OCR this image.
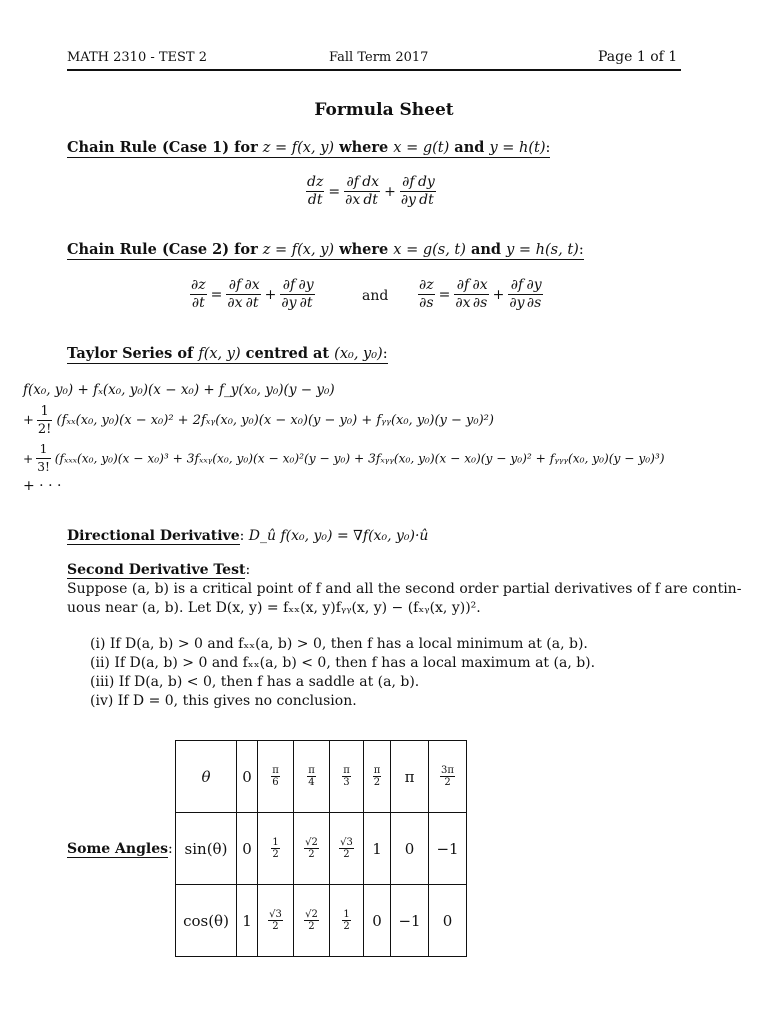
MATH 2310 - TEST 2	Fall Term 2017	Page 1 of 1
Formula Sheet
Chain Rule (Case 1) for z = f(x, y) where x = g(t) and y = h(t):
$\frac{dz}{dt} = \frac{\partial f}{\partial x} \frac{dx}{dt} + \frac{\partial f}{\partial y} \frac{dy}{dt}$
Chain Rule (Case 2) for z = f(x, y) where x = g(s, t) and y = h(s, t):
$\frac{\partial z}{\partial t} = \frac{\partial f}{\partial x} \frac{\partial x}{\partial t} + \frac{\partial f}{\partial y} \frac{\partial y}{\partial t}$	and $\frac{\partial z}{\partial s} = \frac{\partial f}{\partial x} \frac{\partial x}{\partial s} + \frac{\partial f}{\partial y} \frac{\partial y}{\partial s}$
Taylor Series of f(x, y) centred at (x₀, y₀):
f(x₀, y₀) + fₓ(x₀, y₀)(x − x₀) + f_y(x₀, y₀)(y − y₀)
+ $\frac{1}{2!} (f_{xx}(x_0$, y₀)(x − x₀)² + 2fₓᵧ(x₀, y₀)(x − x₀)(y − y₀) + fᵧᵧ(x₀, y₀)(y − y₀)²)
+ $\frac{1}{3!} (f_{xxx}(x_0$, y₀)(x − x₀)³ + 3fₓₓᵧ(x₀, y₀)(x − x₀)²(y − y₀) + 3fₓᵧᵧ(x₀, y₀)(x − x₀)(y − y₀)² + fᵧᵧᵧ(x₀, y₀)(y − y₀)³)
+ · · ·
Directional Derivative: D_û f(x₀, y₀) = ∇f(x₀, y₀)·û
Second Derivative Test:
Suppose (a, b) is a critical point of f and all the second order partial derivatives of f are contin-
uous near (a, b). Let D(x, y) = fₓₓ(x, y)fᵧᵧ(x, y) − (fₓᵧ(x, y))².
(i) If D(a, b) > 0 and fₓₓ(a, b) > 0, then f has a local minimum at (a, b).
(ii) If D(a, b) > 0 and fₓₓ(a, b) < 0, then f has a local maximum at (a, b).
(iii) If D(a, b) < 0, then f has a saddle at (a, b).
(iv) If D = 0, this gives no conclusion.
Some Angles:
θ	0	$\frac{\pi}{6}$	$\frac{\pi}{4}$	$\frac{\pi}{3}$	$\frac{\pi}{2}$	π	$\frac{3\pi}{2}$

sin(θ)	0	$\frac{1}{2}$	$\frac{√2}{2}$	$\frac{√3}{2}$	1	0	−1
cos(θ)	1	$\frac{√3}{2}$	$\frac{√2}{2}$	$\frac{1}{2}$	0	−1	0
